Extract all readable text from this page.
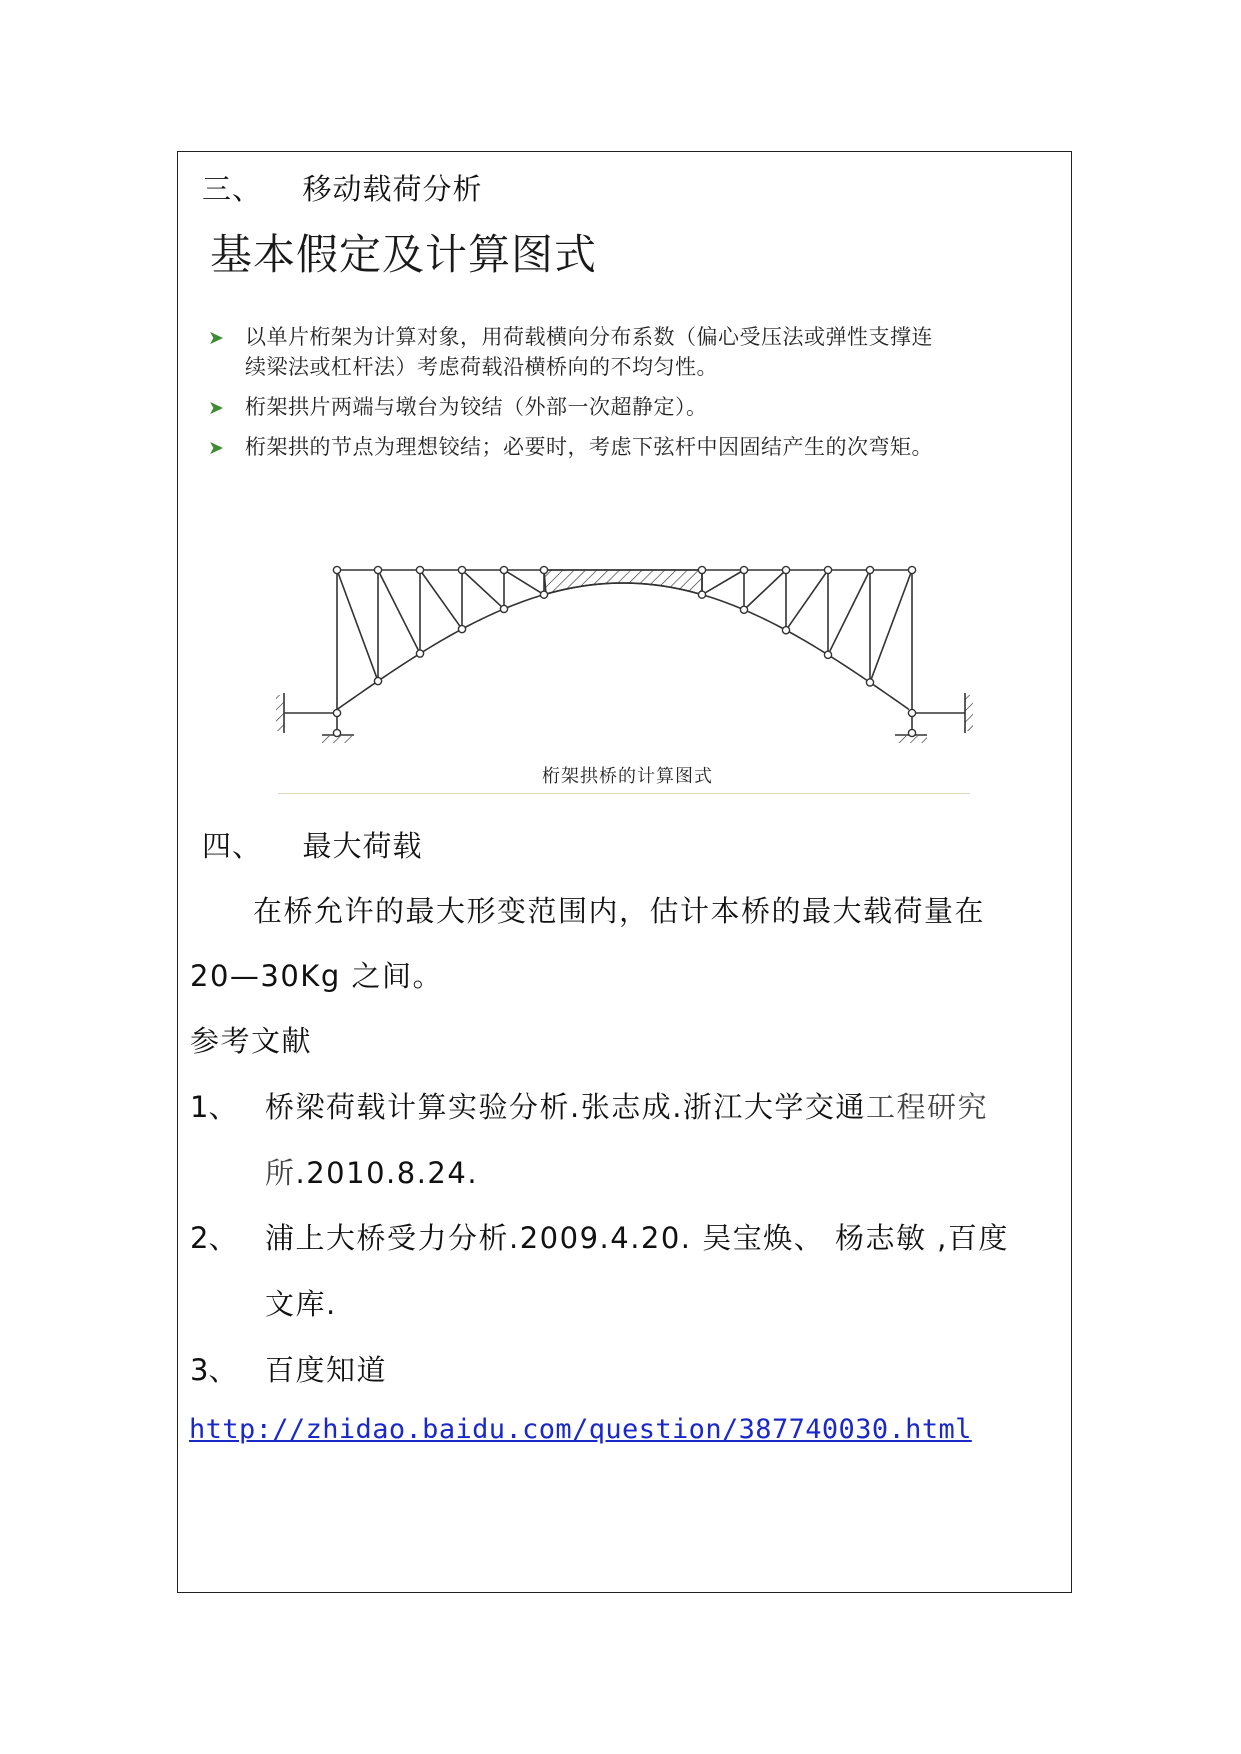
三、 移动载荷分析
基本假定及计算图式
➤	以单片桁架为计算对象，用荷载横向分布系数（偏心受压法或弹性支撑连续梁法或杠杆法）考虑荷载沿横桥向的不均匀性。
➤	桁架拱片两端与墩台为铰结（外部一次超静定）。
➤	桁架拱的节点为理想铰结；必要时，考虑下弦杆中因固结产生的次弯矩。
桁架拱桥的计算图式
四、 最大荷载
在桥允许的最大形变范围内，估计本桥的最大载荷量在
20—30Kg 之间。
参考文献
1、 桥梁荷载计算实验分析.张志成.浙江大学交通工程研究
所.2010.8.24.
2、 浦上大桥受力分析.2009.4.20. 吴宝焕、 杨志敏 ,百度
文库.
3、 百度知道
http://zhidao.baidu.com/question/387740030.html
